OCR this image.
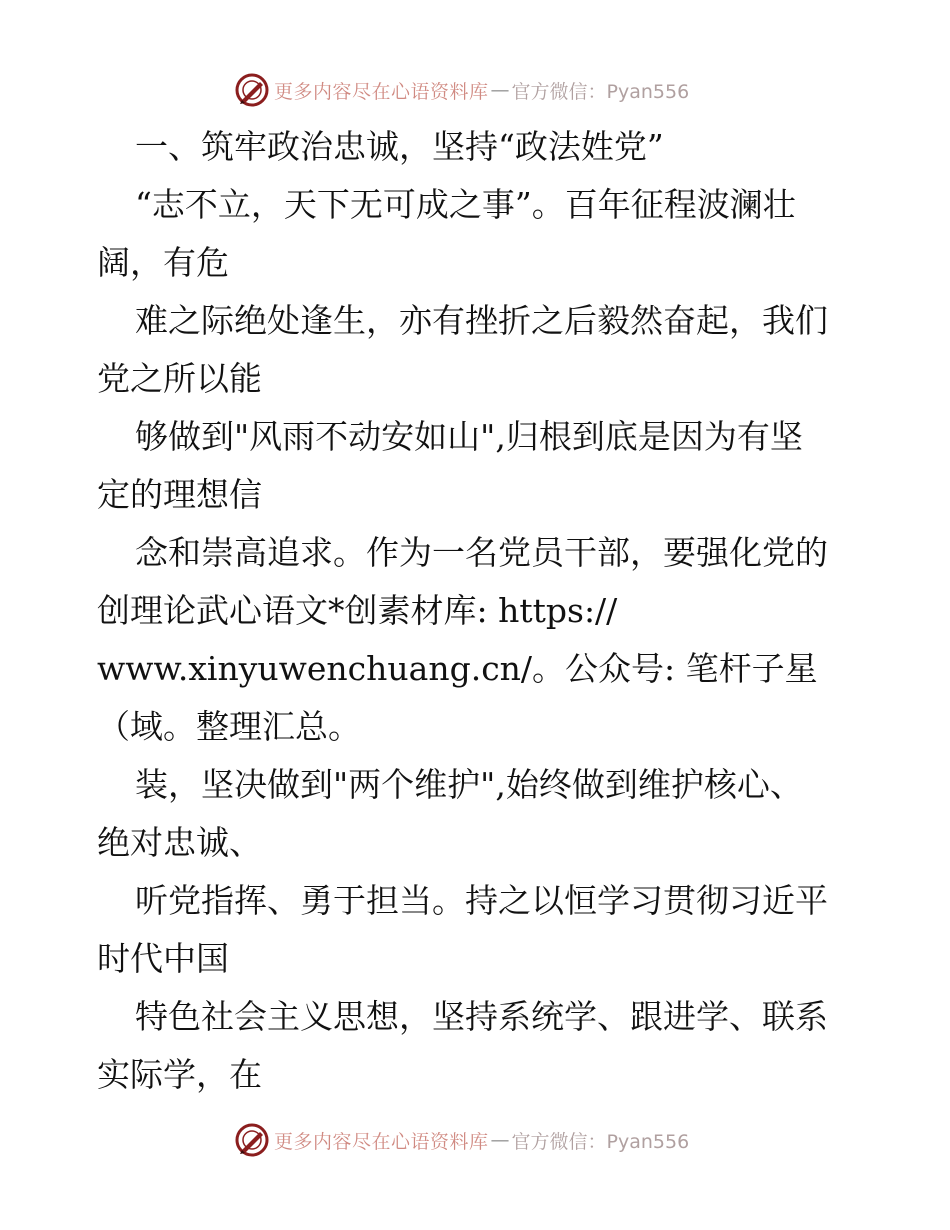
更多内容尽在心语资料库 — 官方微信：Pyan556
一、筑牢政治忠诚，坚持“政法姓党”
“志不立，天下无可成之事”。百年征程波澜壮
阔，有危
难之际绝处逢生，亦有挫折之后毅然奋起，我们
党之所以能
够做到"风雨不动安如山",归根到底是因为有坚
定的理想信
念和崇高追求。作为一名党员干部，要强化党的
创理论武心语文*创素材库: https://
www.xinyuwenchuang.cn/。公众号: 笔杆子星
（域。整理汇总。
装，坚决做到"两个维护",始终做到维护核心、
绝对忠诚、
听党指挥、勇于担当。持之以恒学习贯彻习近平
时代中国
特色社会主义思想，坚持系统学、跟进学、联系
实际学，在
更多内容尽在心语资料库 — 官方微信：Pyan556
